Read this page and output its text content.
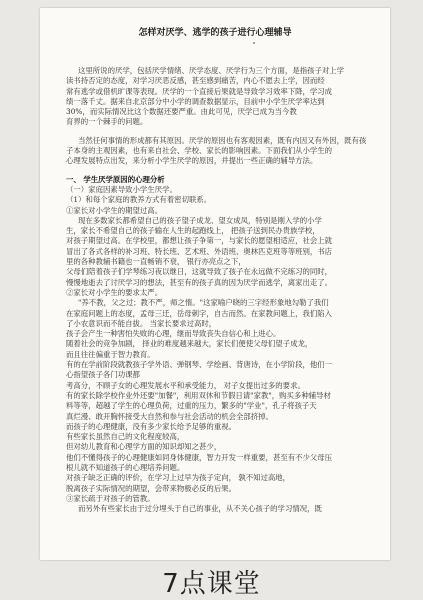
怎样对厌学、逃学的孩子进行心理辅导
这里所说的厌学，包括厌学情绪、厌学态度、厌学行为三个方面，是指孩子对上学
读书持否定的态度，对学习厌恶反感，甚至感到痛苦，内心不愿去上学，因而经
常有逃学或借机旷课等表现。厌学的一个直接后果就是导致学习效率下降，学习成
绩一落千丈。据来自北京部分中小学的调查数据显示，目前中小学生厌学率达到
30%，而实际情况比这个数据还要严重。由此可见，厌学已成为当今教
育界的一个棘手的问题。
当然任何事情的形成都有其原因。厌学的原因也有客观因素，既有内因又有外因，既有孩
子本身的主观因素，也有来自社会、学校、家长的影响因素。下面我们从小学生的
心理发展特点出发，来分析小学生厌学的原因，并提出一些正确的辅导方法。
一、 学生厌学原因的心理分析
（一）家庭因素导致小学生厌学。
（1）和每个家庭的教养方式有着密切联系。
①家长对小学生的期望过高。
现在多数家长都希望自己的孩子望子成龙、望女成凤，特别是刚入学的小学
生，家长不希望自己的孩子输在人生的起跑线上， 把孩子送到民办贵族学校，
对孩子期望过高。在学校里，都想让孩子争第一，与家长的愿望相适应，社会上就
冒出了各式各样的补习班、特长班、艺术班、外语班、奥林匹克班等等班别，书店
里的各种教辅书籍也一直畅销不衰， 银行亦亮点之下，
父母们陪着孩子们学琴练习夜以继日，这就导致了孩子在永远做不完练习的同时，
慢慢地逝去了讨厌学习的想法，甚至有的孩子真的因为厌学而逃学，离家出走了。
②家长对小学生的要求太严。
"养不教，父之过；教不严，师之惰。"这家喻户晓的三字经形象地勾勒了我们
在家庭问题上的态度，孟母三迁，岳母刺字，自古而然。在家教问题上，我们陷入
了小农意识而不能自拔。 当家长要求过高时，
孩子会产生一种害怕失败的心理，继而导致丧失自信心和上进心。
随着社会的竞争加剧， 择业的难度越来越大，家长们便使父母们望子成龙，
而且往往偏重于智力教育。
有的在学前阶段就教孩子学外语、弹钢琴、学绘画、背唐诗，在小学阶段，他们一
心指望孩子各门功课都
考高分，不顾子女的心理发展水平和承受能力， 对子女提出过多的要求。
有的家长除学校作业外还要"加餐"，利用双休和节假日请"家教"，购买多种辅导材
料等等，超越了学生的心理负荷，过重的压力，繁多的"学业"，孔子将孩子天
真烂漫、敢开胸怀接受大自然和参与社会活动的机会全部挤掉。
而孩子的心理健康，没有多少家长给予足够的重视。
有些家长虽然自己的文化程度较高，
但对幼儿教育和心理学方面的知识却知之甚少，
他们不懂得孩子的心理健康如同身体健康，智力开发一样重要，甚至有不少父母压
根儿就不知道孩子的心理培养问题。
对孩子缺乏正确的评价，在学习上过早为孩子定向， 孰不知过高地，
脱离孩子实际情况的期望，会带来物极必反的后果。
③家长疏于对孩子的管教。
而另外有些家长由于过分埋头于自己的事业，从不关心孩子的学习情况，既
7点课堂
